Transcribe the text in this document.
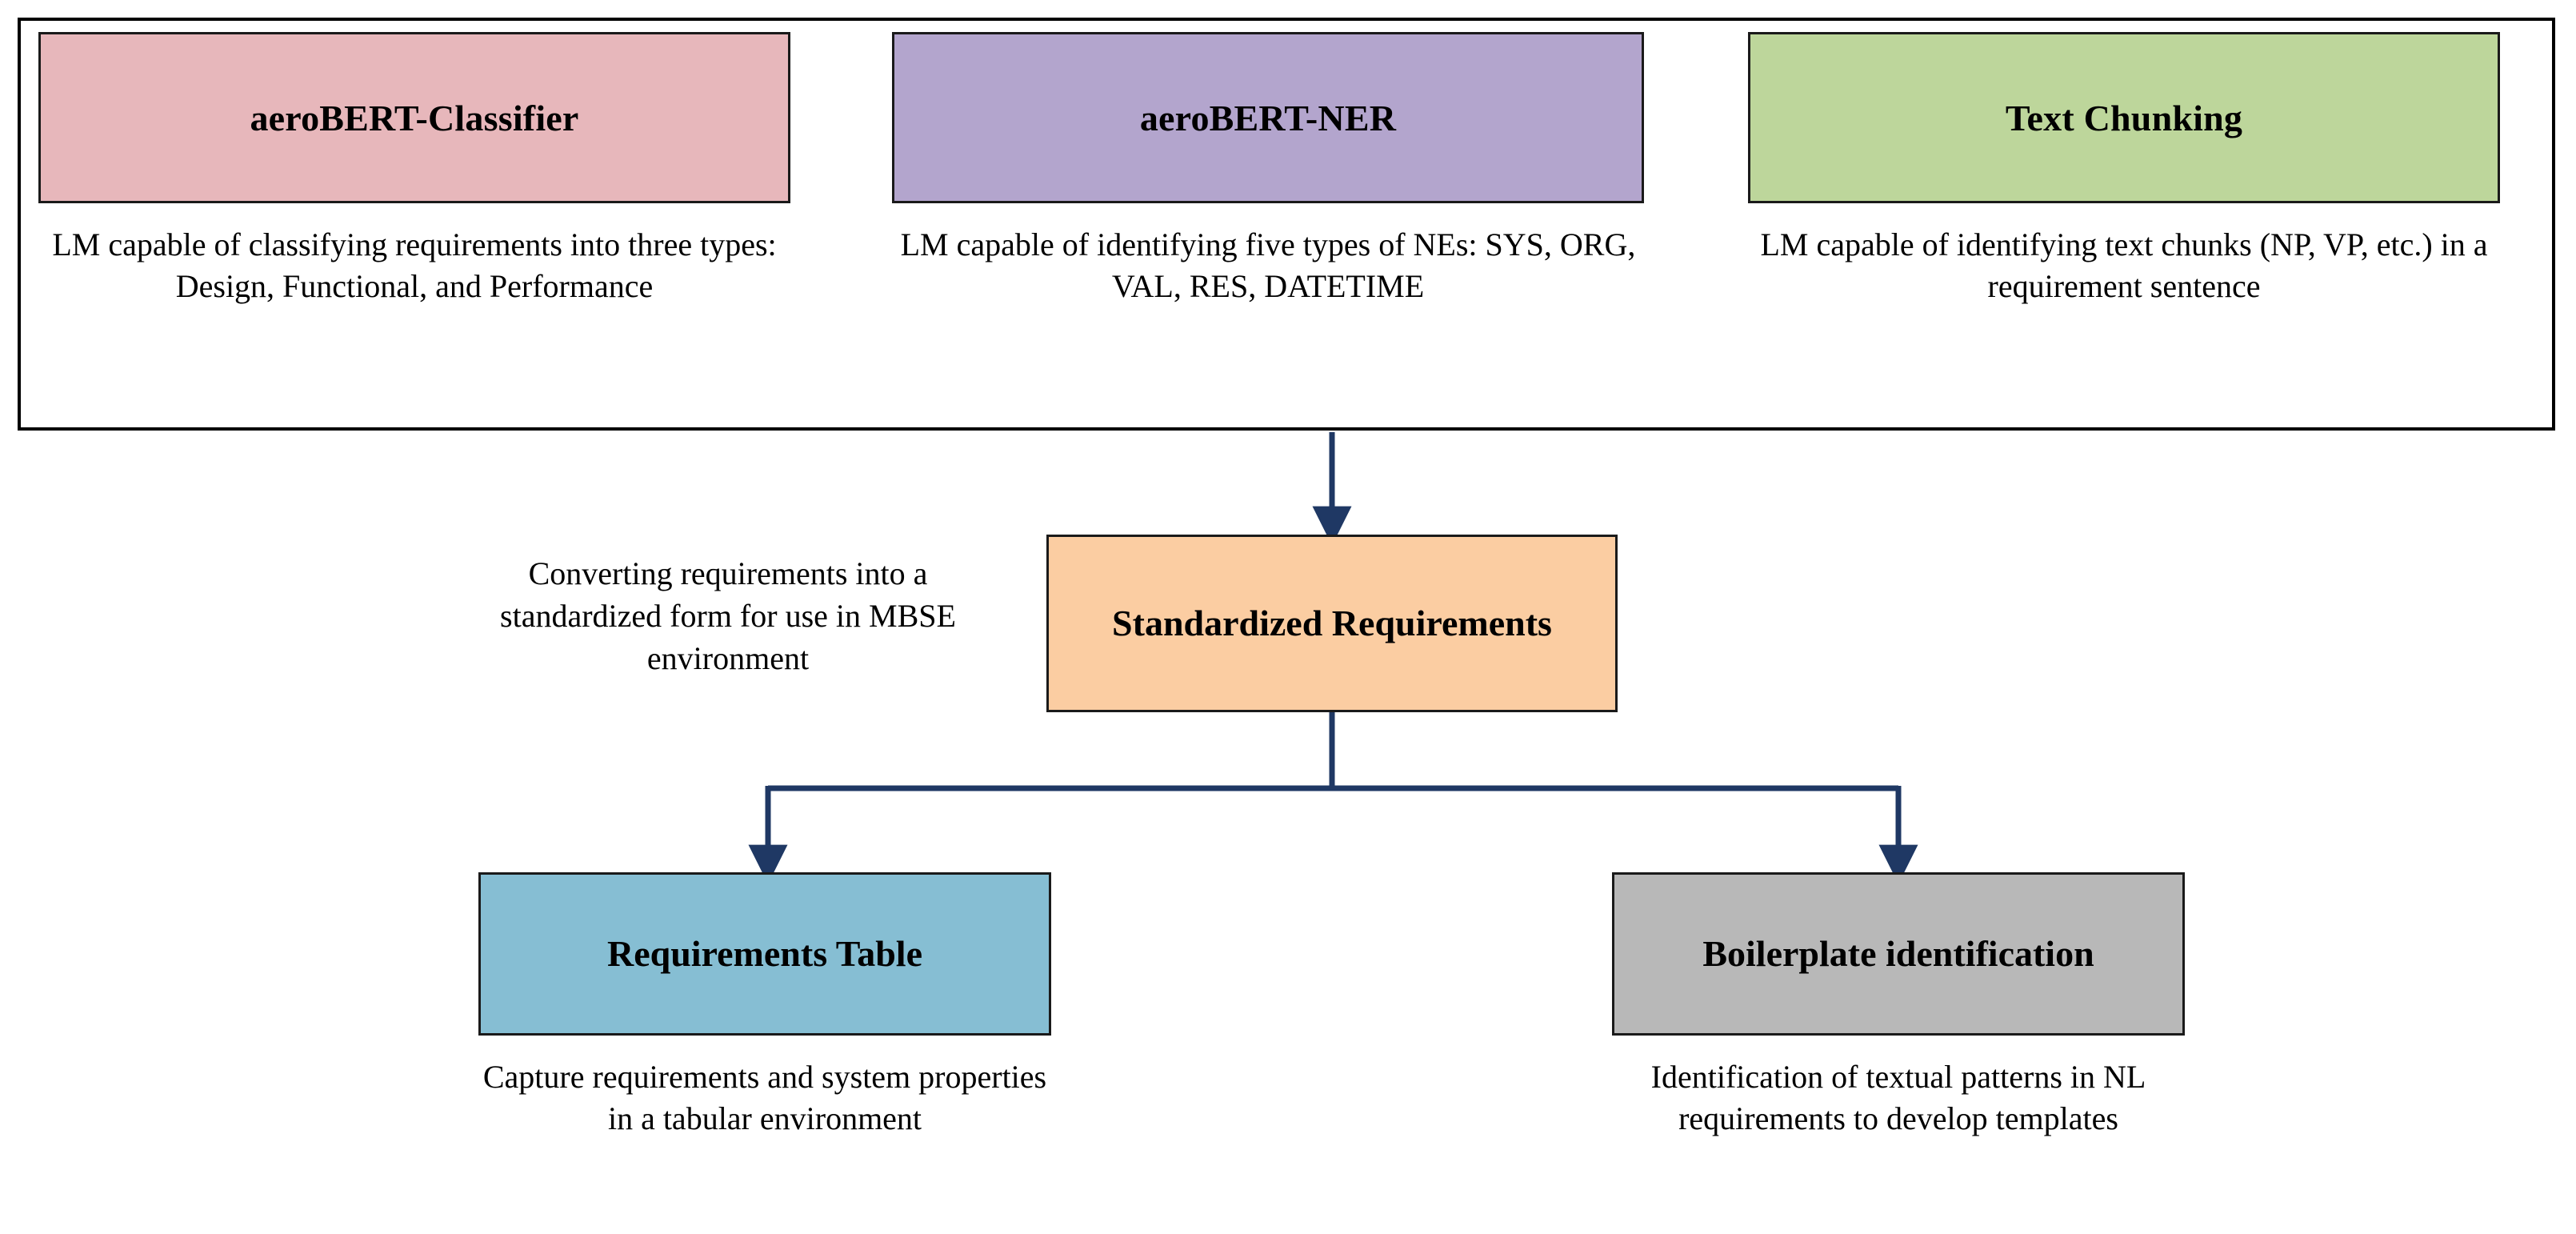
aeroBERT-Classifier
LM capable of classifying requirements into three types: Design, Functional, and Performance
aeroBERT-NER
LM capable of identifying five types of NEs: SYS, ORG, VAL, RES, DATETIME
Text Chunking
LM capable of identifying text chunks (NP, VP, etc.) in a requirement sentence
Converting requirements into a standardized form for use in MBSE environment
Standardized Requirements
Requirements Table
Capture requirements and system properties in a tabular environment
Boilerplate identification
Identification of textual patterns in NL requirements to develop templates
